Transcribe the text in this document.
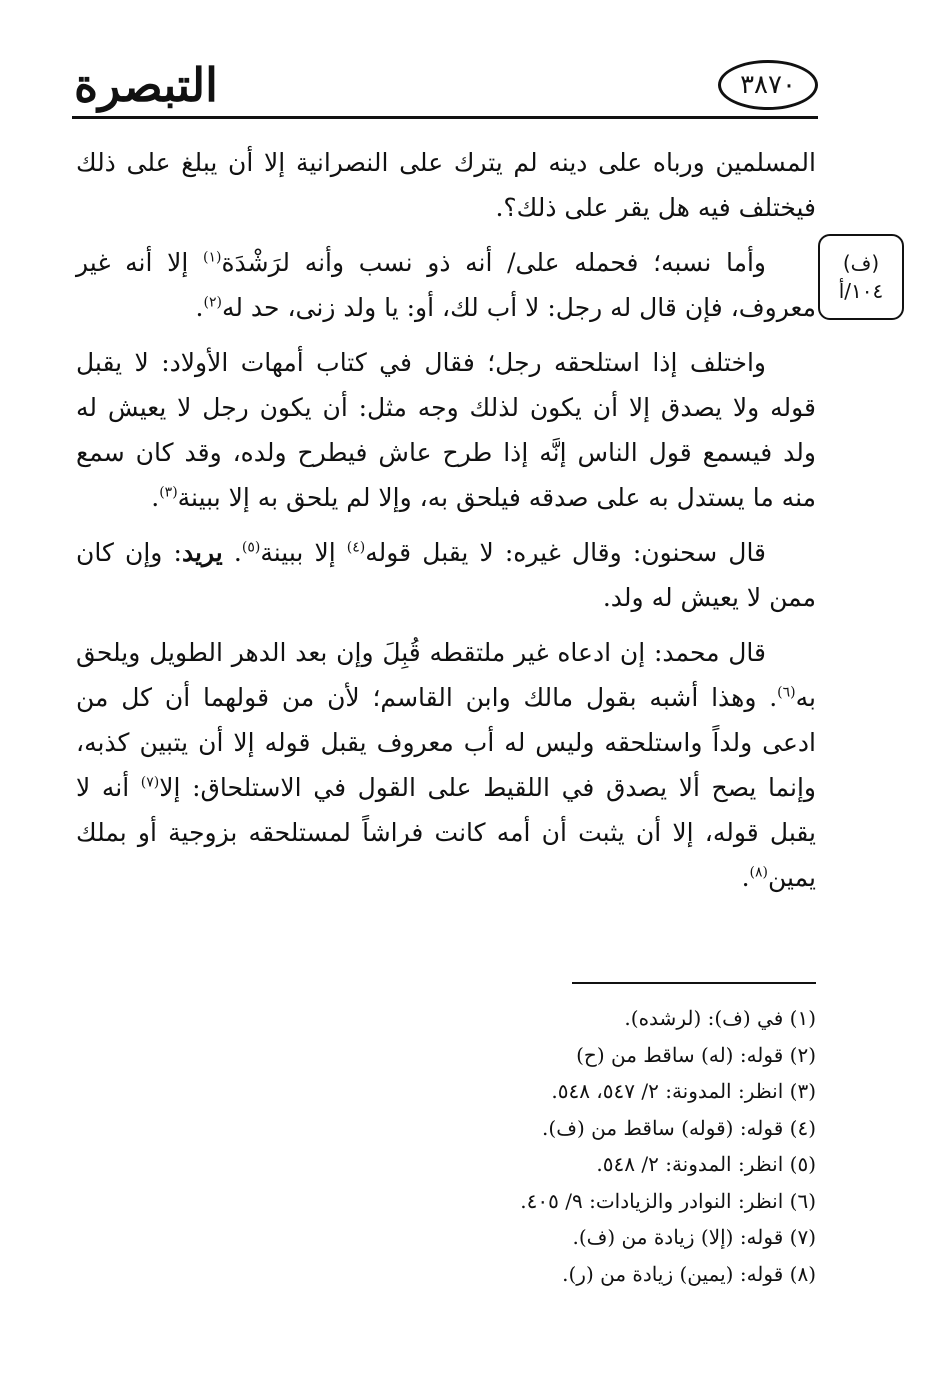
التبصرة	٣٨٧٠
(ف)
١٠٤/أ

المسلمين ورباه على دينه لم يترك على النصرانية إلا أن يبلغ على ذلك فيختلف فيه هل يقر على ذلك؟.

وأما نسبه؛ فحمله على/ أنه ذو نسب وأنه لرَشْدَة$^{(١)}$ إلا أنه غير معروف، فإن قال له رجل: لا أب لك، أو: يا ولد زنى، حد له$^{(٢)}$.

واختلف إذا استلحقه رجل؛ فقال في كتاب أمهات الأولاد: لا يقبل قوله ولا يصدق إلا أن يكون لذلك وجه مثل: أن يكون رجل لا يعيش له ولد فيسمع قول الناس إنَّه إذا طرح عاش فيطرح ولده، وقد كان سمع منه ما يستدل به على صدقه فيلحق به، وإلا لم يلحق به إلا ببينة$^{(٣)}$.

قال سحنون: وقال غيره: لا يقبل قوله$^{(٤)}$ إلا ببينة$^{(٥)}$. يريد: وإن كان ممن لا يعيش له ولد.

قال محمد: إن ادعاه غير ملتقطه قُبِلَ وإن بعد الدهر الطويل ويلحق به$^{(٦)}$. وهذا أشبه بقول مالك وابن القاسم؛ لأن من قولهما أن كل من ادعى ولداً واستلحقه وليس له أب معروف يقبل قوله إلا أن يتبين كذبه، وإنما يصح ألا يصدق في اللقيط على القول في الاستلحاق: إلا$^{(٧)}$ أنه لا يقبل قوله، إلا أن يثبت أن أمه كانت فراشاً لمستلحقه بزوجية أو بملك يمين$^{(٨)}$.

(١) في (ف): (لرشده).
(٢) قوله: (له) ساقط من (ح)
(٣) انظر: المدونة: ٢/ ٥٤٧، ٥٤٨.
(٤) قوله: (قوله) ساقط من (ف).
(٥) انظر: المدونة: ٢/ ٥٤٨.
(٦) انظر: النوادر والزيادات: ٩/ ٤٠٥.
(٧) قوله: (إلا) زيادة من (ف).
(٨) قوله: (يمين) زيادة من (ر).
